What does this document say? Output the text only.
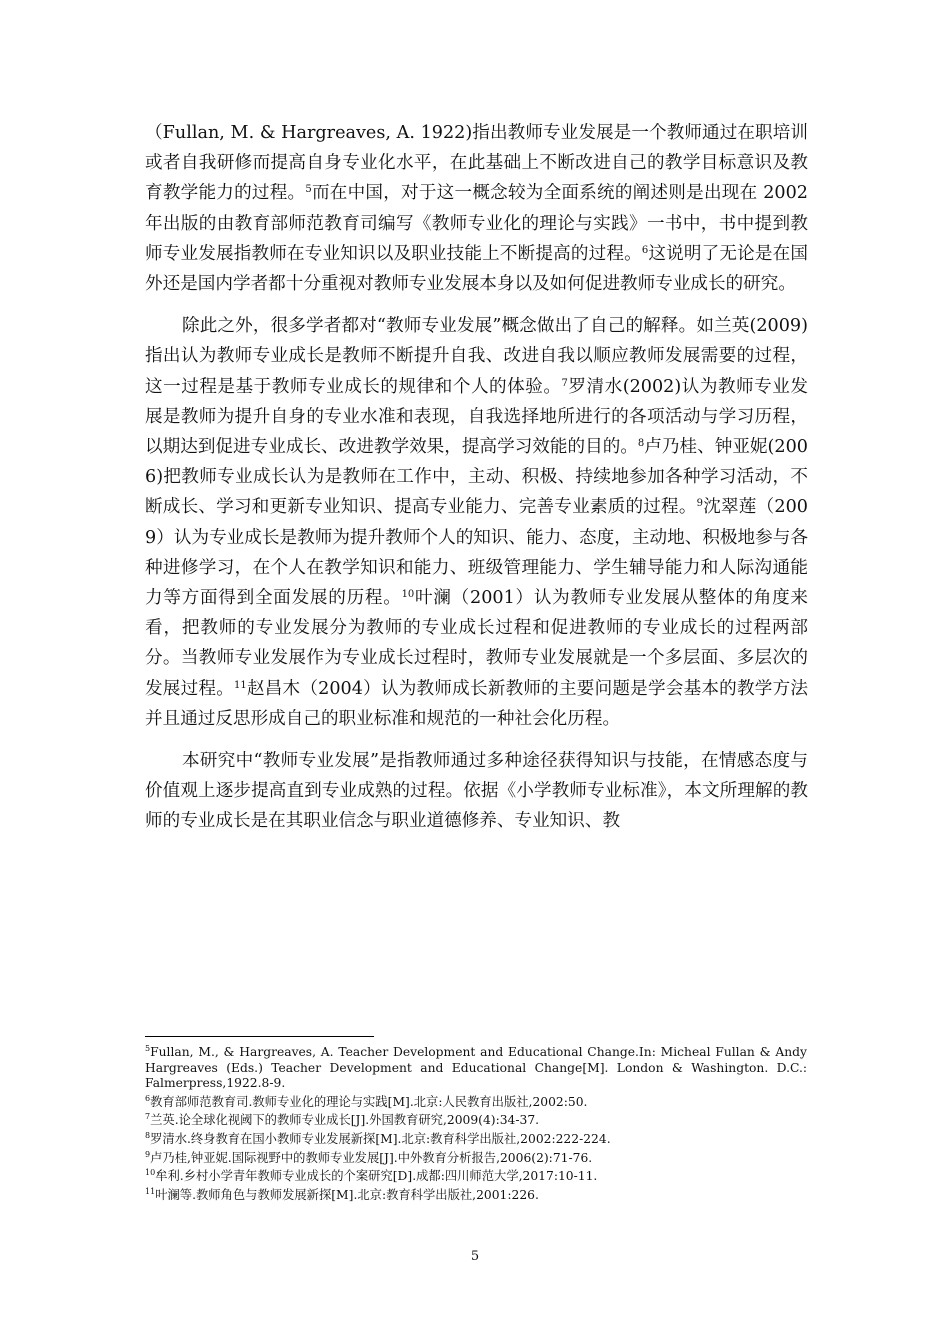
（Fullan, M. & Hargreaves, A. 1922)指出教师专业发展是一个教师通过在职培训或者自我研修而提高自身专业化水平，在此基础上不断改进自己的教学目标意识及教育教学能力的过程。$^5$而在中国，对于这一概念较为全面系统的阐述则是出现在 2002 年出版的由教育部师范教育司编写《教师专业化的理论与实践》一书中，书中提到教师专业发展指教师在专业知识以及职业技能上不断提高的过程。$^6$这说明了无论是在国外还是国内学者都十分重视对教师专业发展本身以及如何促进教师专业成长的研究。

除此之外，很多学者都对“教师专业发展”概念做出了自己的解释。如兰英(2009)指出认为教师专业成长是教师不断提升自我、改进自我以顺应教师发展需要的过程，这一过程是基于教师专业成长的规律和个人的体验。$^7$罗清水(2002)认为教师专业发展是教师为提升自身的专业水准和表现，自我选择地所进行的各项活动与学习历程，以期达到促进专业成长、改进教学效果，提高学习效能的目的。$^8$卢乃桂、钟亚妮(2006)把教师专业成长认为是教师在工作中，主动、积极、持续地参加各种学习活动，不断成长、学习和更新专业知识、提高专业能力、完善专业素质的过程。$^9$沈翠莲（2009）认为专业成长是教师为提升教师个人的知识、能力、态度，主动地、积极地参与各种进修学习，在个人在教学知识和能力、班级管理能力、学生辅导能力和人际沟通能力等方面得到全面发展的历程。$^{10}$叶澜（2001）认为教师专业发展从整体的角度来看，把教师的专业发展分为教师的专业成长过程和促进教师的专业成长的过程两部分。当教师专业发展作为专业成长过程时，教师专业发展就是一个多层面、多层次的发展过程。$^{11}$赵昌木（2004）认为教师成长新教师的主要问题是学会基本的教学方法并且通过反思形成自己的职业标准和规范的一种社会化历程。

本研究中“教师专业发展”是指教师通过多种途径获得知识与技能，在情感态度与价值观上逐步提高直到专业成熟的过程。依据《小学教师专业标准》，本文所理解的教师的专业成长是在其职业信念与职业道德修养、专业知识、教

$^5$Fullan, M., & Hargreaves, A. Teacher Development and Educational Change.In: Micheal Fullan & Andy Hargreaves (Eds.) Teacher Development and Educational Change[M]. London & Washington. D.C.: Falmerpress,1922.8-9.

$^6$教育部师范教育司.教师专业化的理论与实践[M].北京:人民教育出版社,2002:50.

$^7$兰英.论全球化视阈下的教师专业成长[J].外国教育研究,2009(4):34-37.

$^8$罗清水.终身教育在国小教师专业发展新探[M].北京:教育科学出版社,2002:222-224.

$^9$卢乃桂,钟亚妮.国际视野中的教师专业发展[J].中外教育分析报告,2006(2):71-76.

$^{10}$牟利.乡村小学青年教师专业成长的个案研究[D].成都:四川师范大学,2017:10-11.

$^{11}$叶澜等.教师角色与教师发展新探[M].北京:教育科学出版社,2001:226.

5
